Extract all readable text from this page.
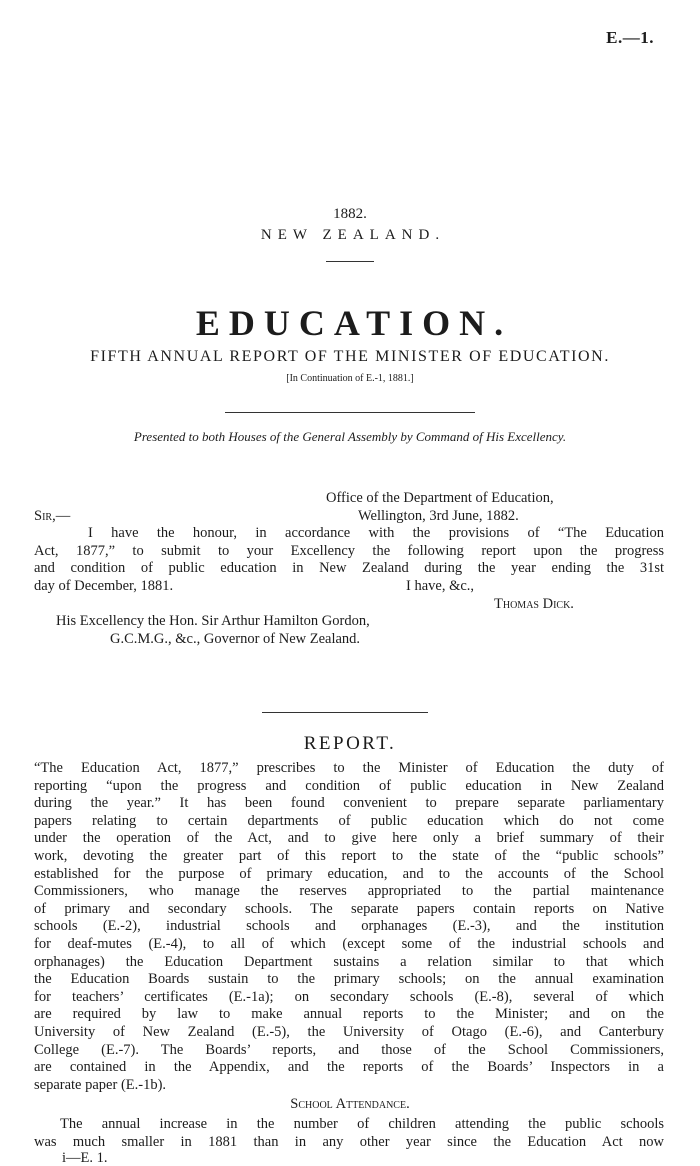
E.—1.
1882.
NEW ZEALAND.
EDUCATION.
FIFTH ANNUAL REPORT OF THE MINISTER OF EDUCATION.
[In Continuation of E.-1, 1881.]
Presented to both Houses of the General Assembly by Command of His Excellency.
Office of the Department of Education,
Sir,—	Wellington, 3rd June, 1882.
I have the honour, in accordance with the provisions of “The Education
Act, 1877,” to submit to your Excellency the following report upon the progress
and condition of public education in New Zealand during the year ending the 31st
day of December, 1881.	I have, &c.,
Thomas Dick.
His Excellency the Hon. Sir Arthur Hamilton Gordon,
G.C.M.G., &c., Governor of New Zealand.
REPORT.
“The Education Act, 1877,” prescribes to the Minister of Education the duty of
reporting “upon the progress and condition of public education in New Zealand
during the year.” It has been found convenient to prepare separate parliamentary
papers relating to certain departments of public education which do not come
under the operation of the Act, and to give here only a brief summary of their
work, devoting the greater part of this report to the state of the “public schools”
established for the purpose of primary education, and to the accounts of the School
Commissioners, who manage the reserves appropriated to the partial maintenance
of primary and secondary schools. The separate papers contain reports on Native
schools (E.-2), industrial schools and orphanages (E.-3), and the institution
for deaf-mutes (E.-4), to all of which (except some of the industrial schools and
orphanages) the Education Department sustains a relation similar to that which
the Education Boards sustain to the primary schools; on the annual examination
for teachers’ certificates (E.-1a); on secondary schools (E.-8), several of which
are required by law to make annual reports to the Minister; and on the
University of New Zealand (E.-5), the University of Otago (E.-6), and Canterbury
College (E.-7). The Boards’ reports, and those of the School Commissioners,
are contained in the Appendix, and the reports of the Boards’ Inspectors in a
separate paper (E.-1b).
School Attendance.
The annual increase in the number of children attending the public schools
was much smaller in 1881 than in any other year since the Education Act now
i—E. 1.
